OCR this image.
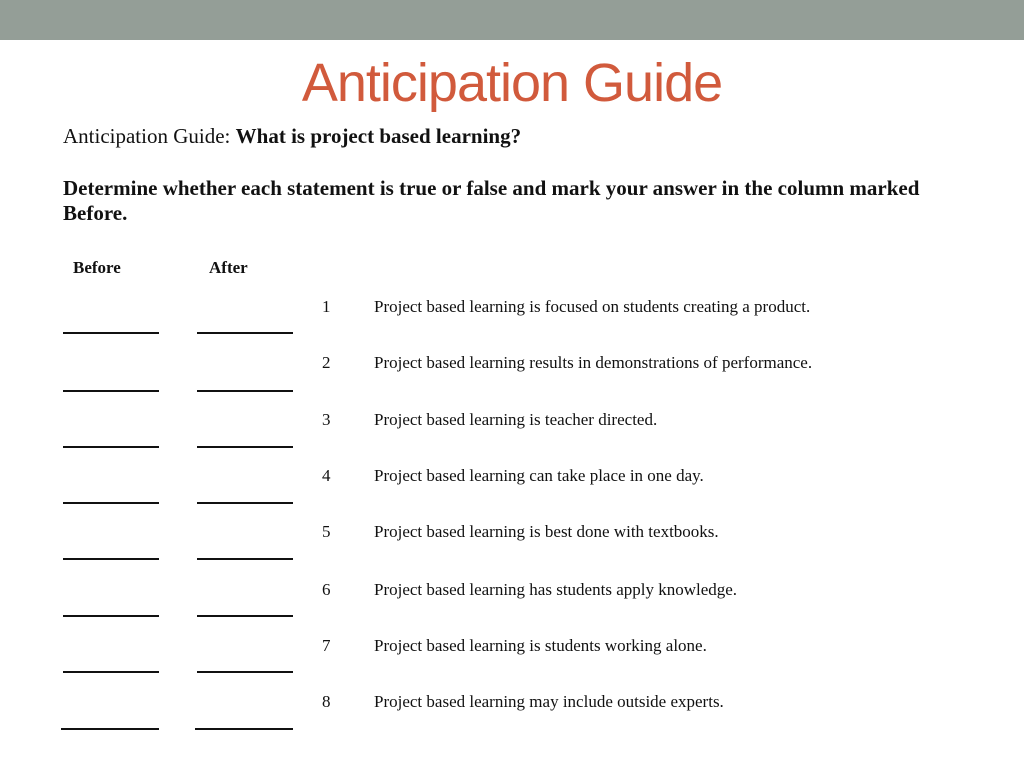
Anticipation Guide
Anticipation Guide: What is project based learning?
Determine whether each statement is true or false and mark your answer in the column marked Before.
Before	After
1	Project based learning is focused on students creating a product.
2	Project based learning results in demonstrations of performance.
3	Project based learning is teacher directed.
4	Project based learning can take place in one day.
5	Project based learning is best done with textbooks.
6	Project based learning has students apply knowledge.
7	Project based learning is students working alone.
8	Project based learning may include outside experts.
